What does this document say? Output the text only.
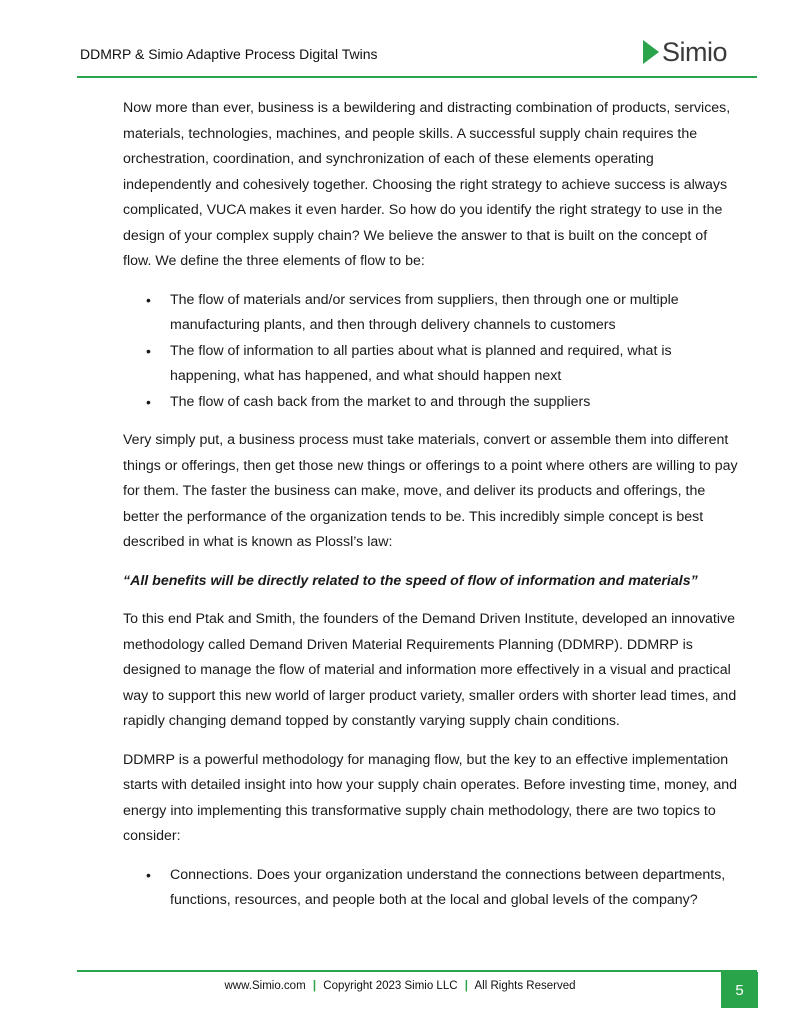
DDMRP & Simio Adaptive Process Digital Twins	Simio

Now more than ever, business is a bewildering and distracting combination of products, services, materials, technologies, machines, and people skills. A successful supply chain requires the orchestration, coordination, and synchronization of each of these elements operating independently and cohesively together. Choosing the right strategy to achieve success is always complicated, VUCA makes it even harder. So how do you identify the right strategy to use in the design of your complex supply chain? We believe the answer to that is built on the concept of flow. We define the three elements of flow to be:

• The flow of materials and/or services from suppliers, then through one or multiple manufacturing plants, and then through delivery channels to customers
• The flow of information to all parties about what is planned and required, what is happening, what has happened, and what should happen next
• The flow of cash back from the market to and through the suppliers

Very simply put, a business process must take materials, convert or assemble them into different things or offerings, then get those new things or offerings to a point where others are willing to pay for them. The faster the business can make, move, and deliver its products and offerings, the better the performance of the organization tends to be. This incredibly simple concept is best described in what is known as Plossl’s law:

“All benefits will be directly related to the speed of flow of information and materials”

To this end Ptak and Smith, the founders of the Demand Driven Institute, developed an innovative methodology called Demand Driven Material Requirements Planning (DDMRP). DDMRP is designed to manage the flow of material and information more effectively in a visual and practical way to support this new world of larger product variety, smaller orders with shorter lead times, and rapidly changing demand topped by constantly varying supply chain conditions.

DDMRP is a powerful methodology for managing flow, but the key to an effective implementation starts with detailed insight into how your supply chain operates. Before investing time, money, and energy into implementing this transformative supply chain methodology, there are two topics to consider:

• Connections. Does your organization understand the connections between departments, functions, resources, and people both at the local and global levels of the company?
www.Simio.com | Copyright 2023 Simio LLC | All Rights Reserved	5
